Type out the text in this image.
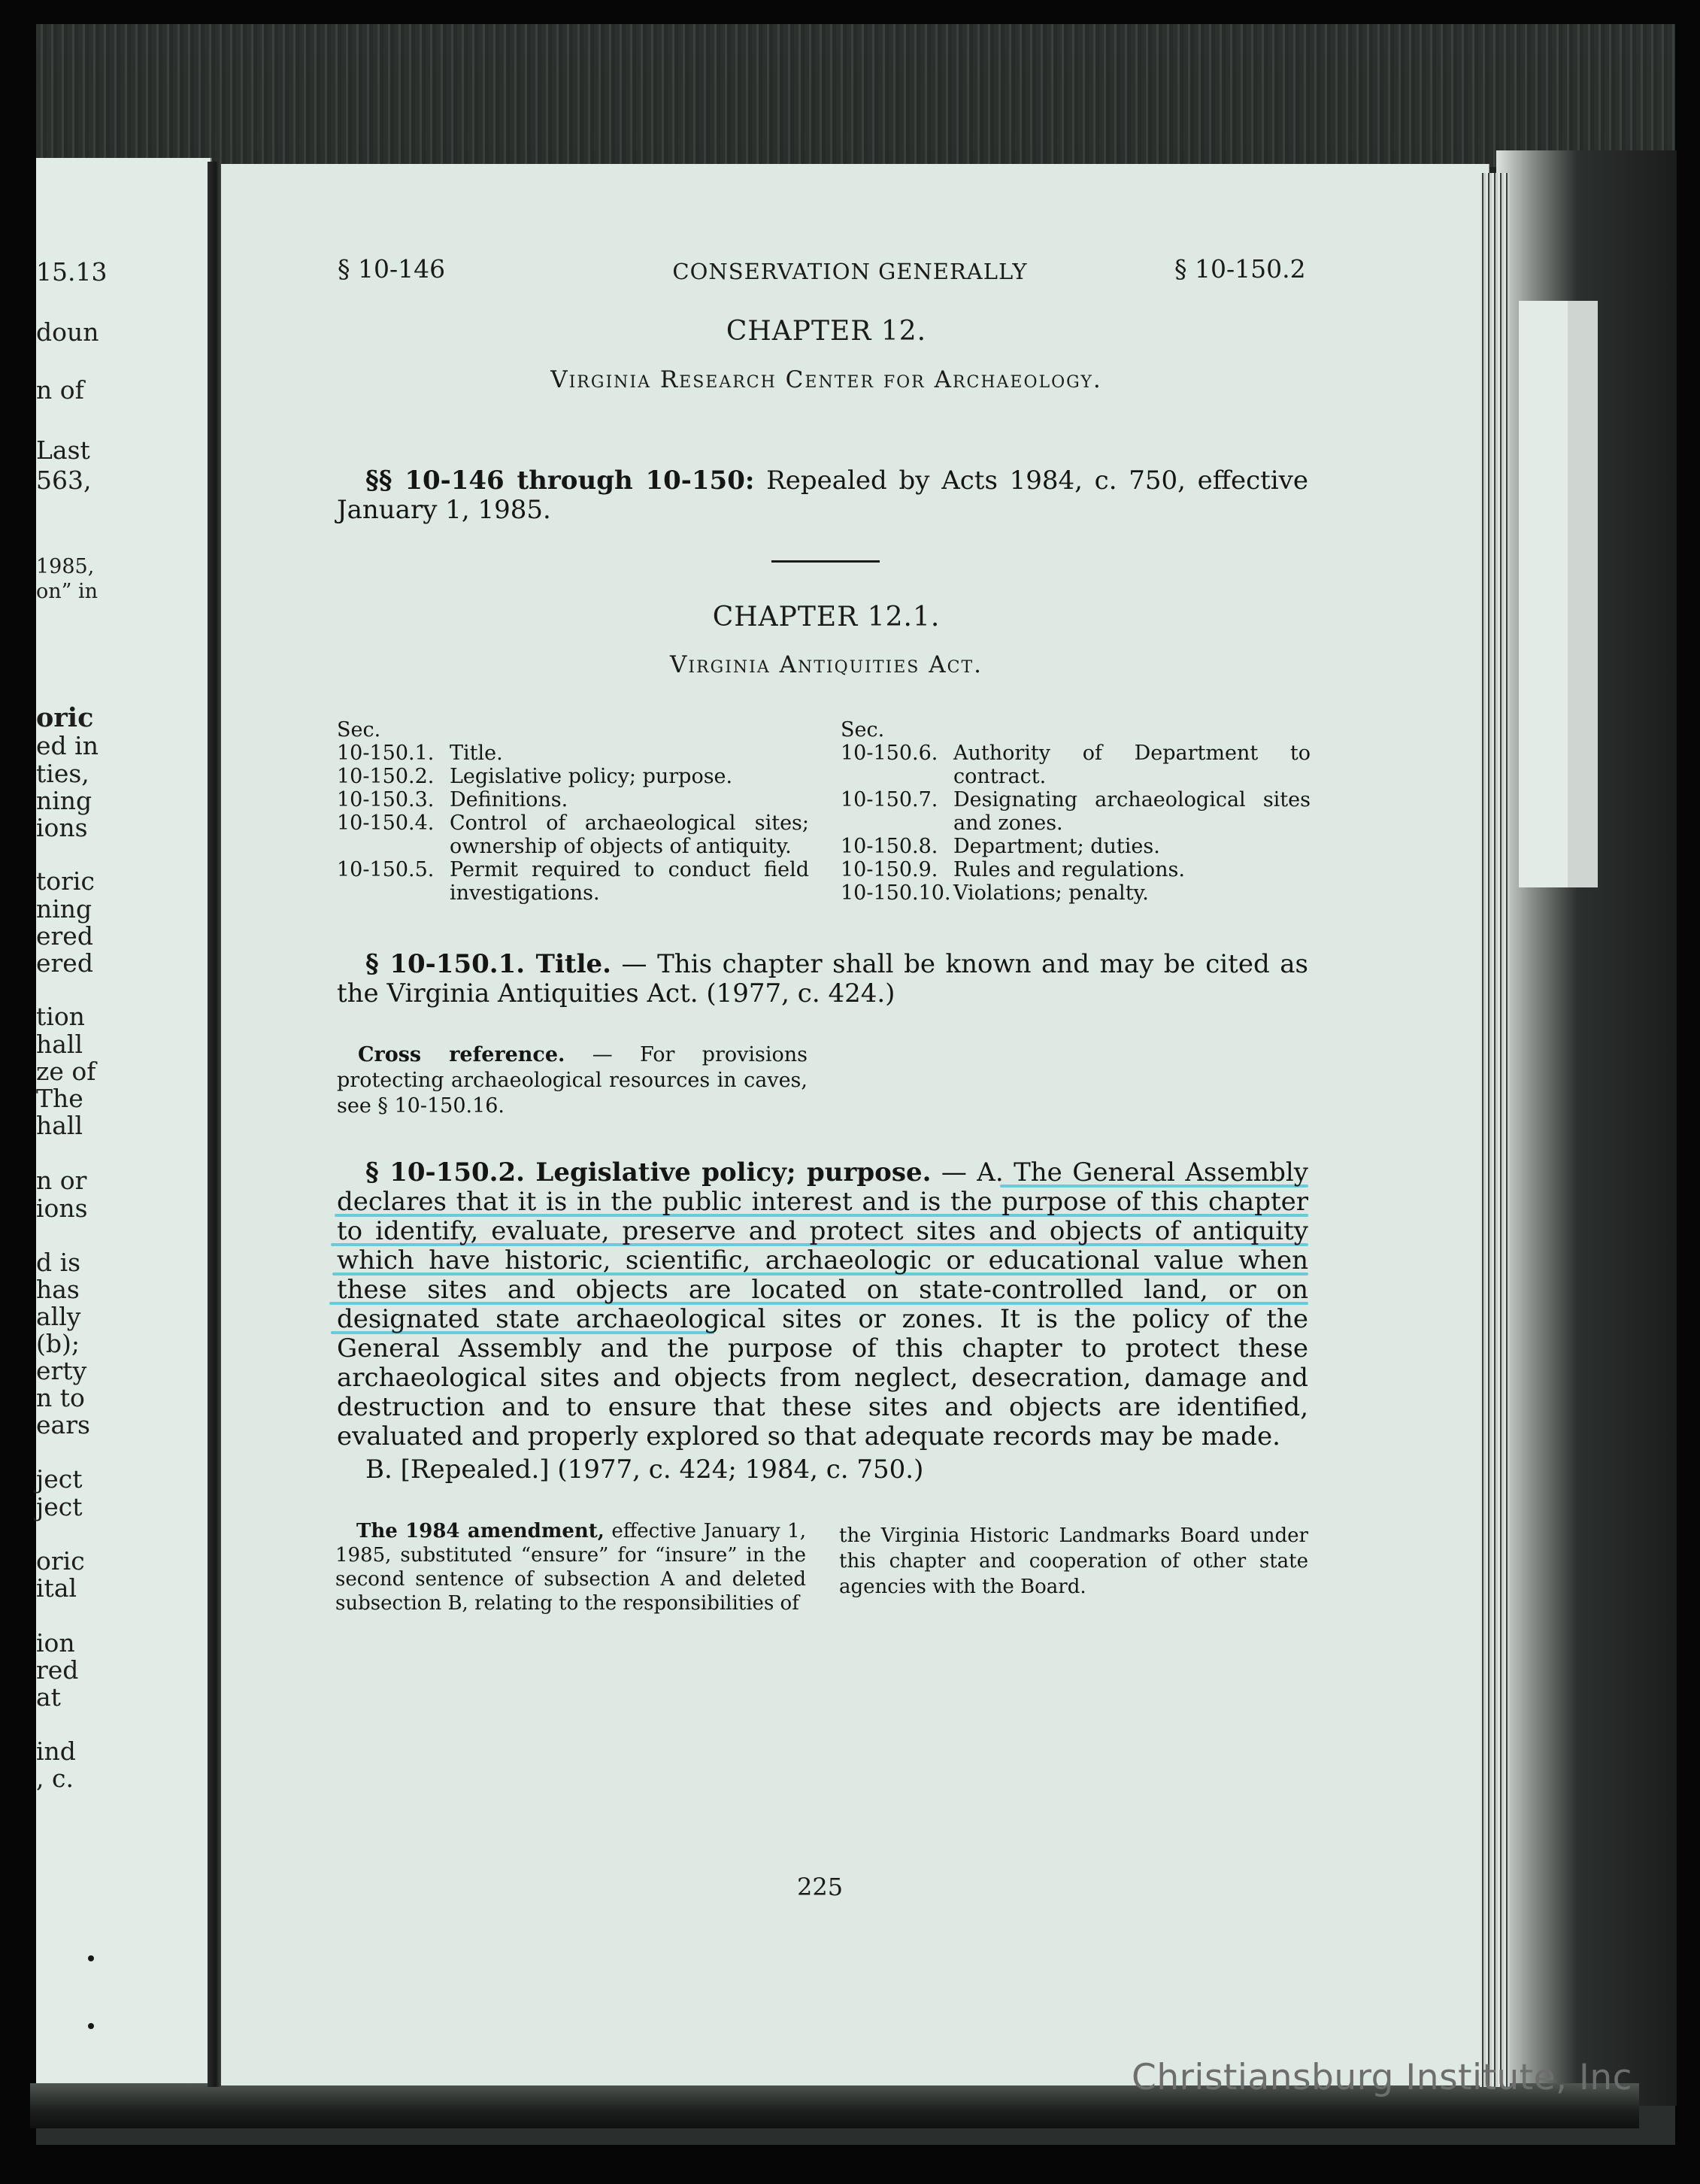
15.13
doun
n of
Last
563,
1985,
on” in
oric
ed in
ties,
ning
ions
toric
ning
ered
ered
tion
hall
ze of
The
hall
n or
ions
d is
has
ally
(b);
erty
n to
ears
ject
ject
oric
ital
ion
red
at
ind
, c.
§ 10-146	CONSERVATION GENERALLY	§ 10-150.2
CHAPTER 12.
Virginia Research Center for Archaeology.
§§ 10-146 through 10-150: Repealed by Acts 1984, c. 750, effective January 1, 1985.
CHAPTER 12.1.
Virginia Antiquities Act.
Sec.
10-150.1. Title.
10-150.2. Legislative policy; purpose.
10-150.3. Definitions.
10-150.4. Control of archaeological sites; ownership of objects of antiquity.
10-150.5. Permit required to conduct field investigations.
Sec.
10-150.6. Authority of Department to contract.
10-150.7. Designating archaeological sites and zones.
10-150.8. Department; duties.
10-150.9. Rules and regulations.
10-150.10. Violations; penalty.
§ 10-150.1. Title. — This chapter shall be known and may be cited as the Virginia Antiquities Act. (1977, c. 424.)
Cross reference. — For provisions protecting archaeological resources in caves, see § 10-150.16.
§ 10-150.2. Legislative policy; purpose. — A. The General Assembly declares that it is in the public interest and is the purpose of this chapter to identify, evaluate, preserve and protect sites and objects of antiquity which have historic, scientific, archaeologic or educational value when these sites and objects are located on state-controlled land, or on designated state archaeological sites or zones. It is the policy of the General Assembly and the purpose of this chapter to protect these archaeological sites and objects from neglect, desecration, damage and destruction and to ensure that these sites and objects are identified, evaluated and properly explored so that adequate records may be made.
B. [Repealed.] (1977, c. 424; 1984, c. 750.)
The 1984 amendment, effective January 1, 1985, substituted “ensure” for “insure” in the second sentence of subsection A and deleted subsection B, relating to the responsibilities of
the Virginia Historic Landmarks Board under this chapter and cooperation of other state agencies with the Board.
225
Christiansburg Institute, Inc
